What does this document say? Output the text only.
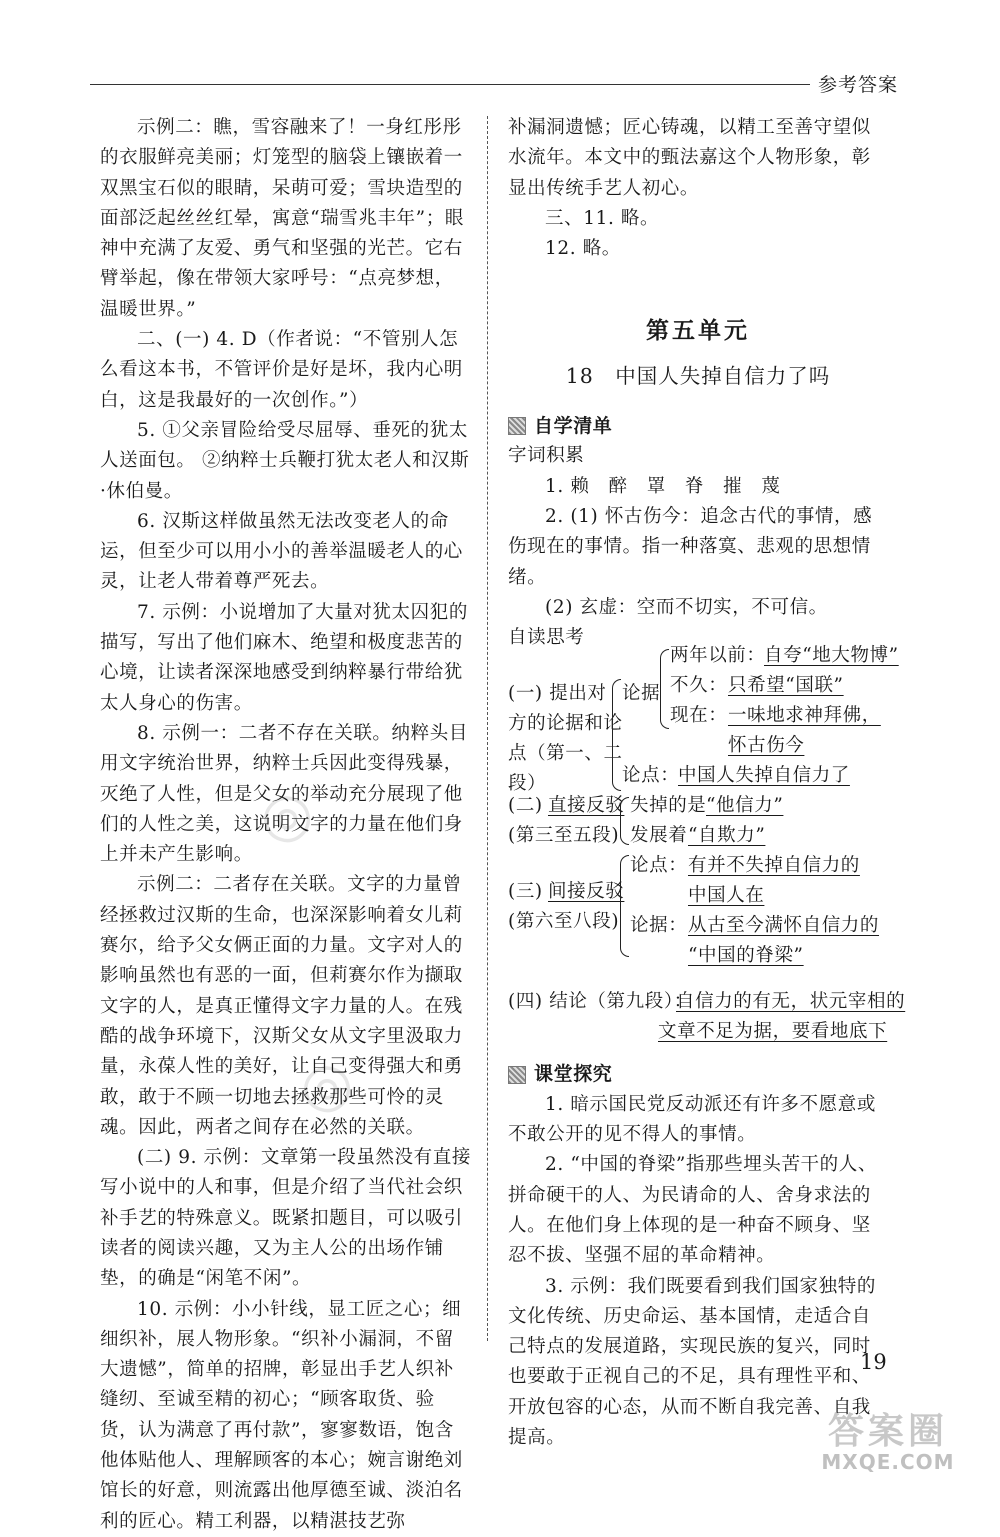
参考答案
◎
◎

示例二：瞧，雪容融来了！一身红彤彤的衣服鲜亮美丽；灯笼型的脑袋上镶嵌着一双黑宝石似的眼睛，呆萌可爱；雪块造型的面部泛起丝丝红晕，寓意“瑞雪兆丰年”；眼神中充满了友爱、勇气和坚强的光芒。它右臂举起，像在带领大家呼号：“点亮梦想，温暖世界。”

二、(一) 4. D（作者说：“不管别人怎么看这本书，不管评价是好是坏，我内心明白，这是我最好的一次创作。”）

5. ①父亲冒险给受尽屈辱、垂死的犹太人送面包。 ②纳粹士兵鞭打犹太老人和汉斯·休伯曼。

6. 汉斯这样做虽然无法改变老人的命运，但至少可以用小小的善举温暖老人的心灵，让老人带着尊严死去。

7. 示例：小说增加了大量对犹太囚犯的描写，写出了他们麻木、绝望和极度悲苦的心境，让读者深深地感受到纳粹暴行带给犹太人身心的伤害。

8. 示例一：二者不存在关联。纳粹头目用文字统治世界，纳粹士兵因此变得残暴，灭绝了人性，但是父女的举动充分展现了他们的人性之美，这说明文字的力量在他们身上并未产生影响。

示例二：二者存在关联。文字的力量曾经拯救过汉斯的生命，也深深影响着女儿莉赛尔，给予父女俩正面的力量。文字对人的影响虽然也有恶的一面，但莉赛尔作为撷取文字的人，是真正懂得文字力量的人。在残酷的战争环境下，汉斯父女从文字里汲取力量，永葆人性的美好，让自己变得强大和勇敢，敢于不顾一切地去拯救那些可怜的灵魂。因此，两者之间存在必然的关联。

(二) 9. 示例：文章第一段虽然没有直接写小说中的人和事，但是介绍了当代社会织补手艺的特殊意义。既紧扣题目，可以吸引读者的阅读兴趣，又为主人公的出场作铺垫，的确是“闲笔不闲”。

10. 示例：小小针线，显工匠之心；细细织补，展人物形象。“织补小漏洞，不留大遗憾”，简单的招牌，彰显出手艺人织补缝纫、至诚至精的初心；“顾客取货、验货，认为满意了再付款”，寥寥数语，饱含他体贴他人、理解顾客的本心；婉言谢绝刘馆长的好意，则流露出他厚德至诚、淡泊名利的匠心。精工利器，以精湛技艺弥

补漏洞遗憾；匠心铸魂，以精工至善守望似水流年。本文中的甄法嘉这个人物形象，彰显出传统手艺人初心。

三、11. 略。

12. 略。

第五单元
18　中国人失掉自信力了吗
自学清单

字词积累

1. 赖　醉　罩　脊　摧　蔑

2. (1) 怀古伤今：追念古代的事情，感伤现在的事情。指一种落寞、悲观的思想情绪。

(2) 玄虚：空而不切实，不可信。

自读思考

(一) 提出对
方的论据和论
点（第一、二
段）
论据
两年以前：
自夸“地大物博”
不久： 只希望“国联”
现在： 一味地求神拜佛，
怀古伤今
论点：
中国人失掉自信力了
(二) 直接反驳
(第三至五段)
失掉的是 “他信力”
发展着 “自欺力”
(三) 间接反驳
(第六至八段)
论点： 有并不失掉自信力的
中国人在
论据： 从古至今满怀自信力的
“中国的脊梁”
(四) 结论（第九段）：
自信力的有无，状元宰相的
文章不足为据，要看地底下
课堂探究

1. 暗示国民党反动派还有许多不愿意或不敢公开的见不得人的事情。

2. “中国的脊梁”指那些埋头苦干的人、拼命硬干的人、为民请命的人、舍身求法的人。在他们身上体现的是一种奋不顾身、坚忍不拔、坚强不屈的革命精神。

3. 示例：我们既要看到我们国家独特的文化传统、历史命运、基本国情，走适合自己特点的发展道路，实现民族的复兴，同时也要敢于正视自己的不足，具有理性平和、开放包容的心态，从而不断自我完善、自我提高。

19
答案圈
MXQE.COM
